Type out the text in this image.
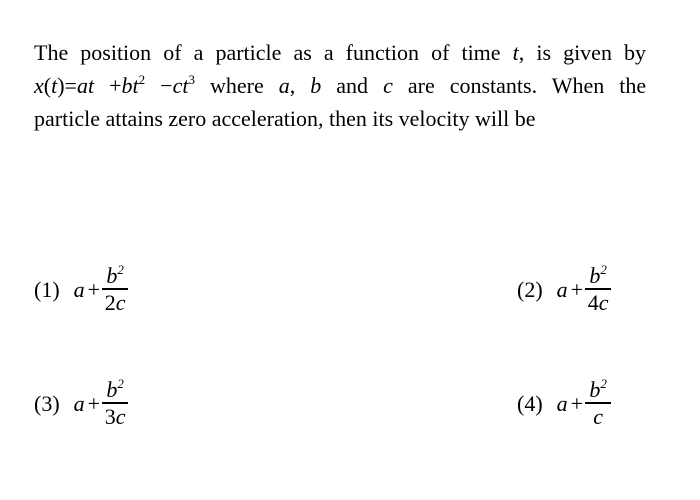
The position of a particle as a function of time t, is given by
$x(t)=at +bt^2 -ct^3$ where a, b and c are constants. When the
particle attains zero acceleration, then its velocity will be
(1) $a + \frac{b^2}{2c}$	(2) $a + \frac{b^2}{4c}$
(3) $a + \frac{b^2}{3c}$	(4) $a + \frac{b^2}{c}$
